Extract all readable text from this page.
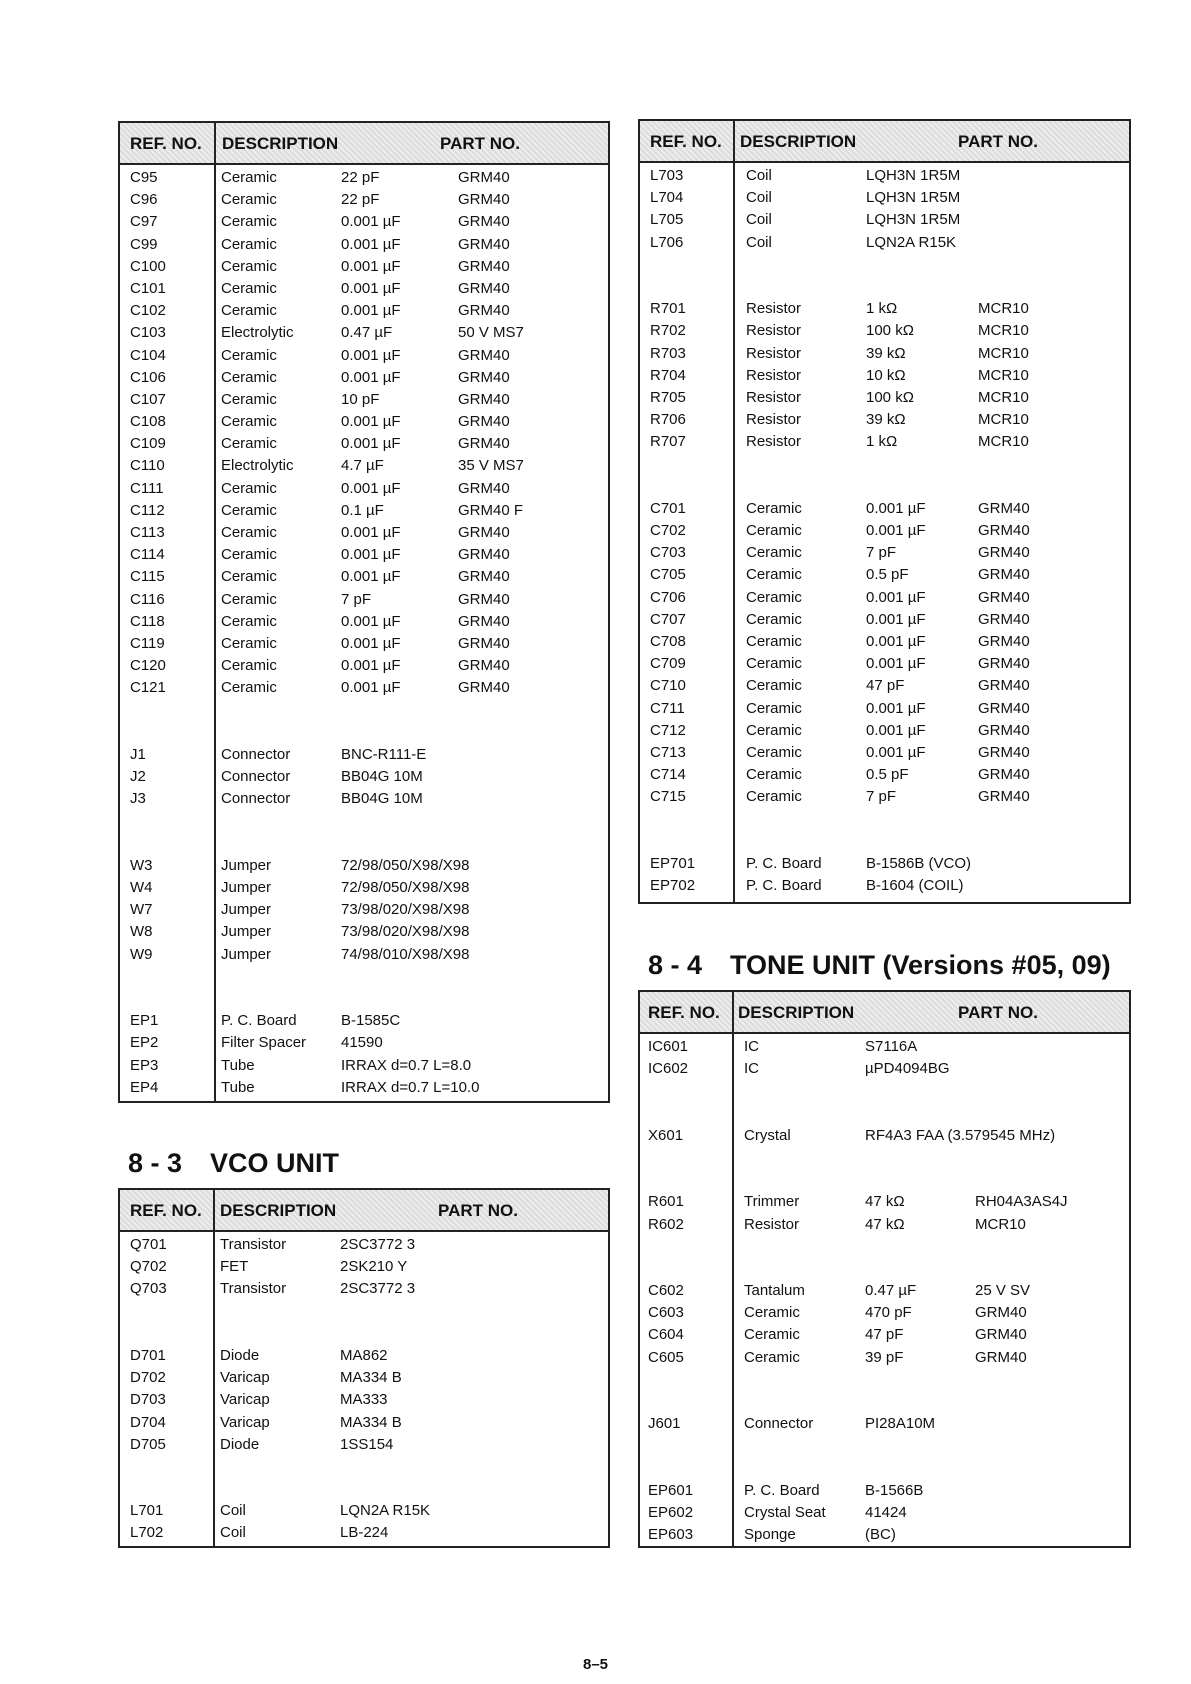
REF. NO. DESCRIPTION	PART NO.
C95	Ceramic	22 pF	GRM40
C96	Ceramic	22 pF	GRM40
C97	Ceramic	0.001 µF	GRM40
C99	Ceramic	0.001 µF	GRM40
C100	Ceramic	0.001 µF	GRM40
C101	Ceramic	0.001 µF	GRM40
C102	Ceramic	0.001 µF	GRM40
C103	Electrolytic	0.47 µF	50 V MS7
C104	Ceramic	0.001 µF	GRM40
C106	Ceramic	0.001 µF	GRM40
C107	Ceramic	10 pF	GRM40
C108	Ceramic	0.001 µF	GRM40
C109	Ceramic	0.001 µF	GRM40
C110	Electrolytic	4.7 µF	35 V MS7
C111	Ceramic	0.001 µF	GRM40
C112	Ceramic	0.1 µF	GRM40 F
C113	Ceramic	0.001 µF	GRM40
C114	Ceramic	0.001 µF	GRM40
C115	Ceramic	0.001 µF	GRM40
C116	Ceramic	7 pF	GRM40
C118	Ceramic	0.001 µF	GRM40
C119	Ceramic	0.001 µF	GRM40
C120	Ceramic	0.001 µF	GRM40
C121	Ceramic	0.001 µF	GRM40
J1	Connector	BNC-R111-E
J2	Connector	BB04G 10M
J3	Connector	BB04G 10M
W3	Jumper	72/98/050/X98/X98
W4	Jumper	72/98/050/X98/X98
W7	Jumper	73/98/020/X98/X98
W8	Jumper	73/98/020/X98/X98
W9	Jumper	74/98/010/X98/X98
EP1	P. C. Board	B-1585C
EP2	Filter Spacer 41590
EP3	Tube	IRRAX d=0.7 L=8.0
EP4	Tube	IRRAX d=0.7 L=10.0
8 - 3 VCO UNIT
REF. NO. DESCRIPTION	PART NO.
Q701	Transistor	2SC3772 3
Q702	FET	2SK210 Y
Q703	Transistor	2SC3772 3
D701	Diode	MA862
D702	Varicap	MA334 B
D703	Varicap	MA333
D704	Varicap	MA334 B
D705	Diode	1SS154
L701	Coil	LQN2A R15K
L702	Coil	LB-224
REF. NO. DESCRIPTION	PART NO.
L703	Coil	LQH3N 1R5M
L704	Coil	LQH3N 1R5M
L705	Coil	LQH3N 1R5M
L706	Coil	LQN2A R15K
R701	Resistor	1 kΩ	MCR10
R702	Resistor	100 kΩ	MCR10
R703	Resistor	39 kΩ	MCR10
R704	Resistor	10 kΩ	MCR10
R705	Resistor	100 kΩ	MCR10
R706	Resistor	39 kΩ	MCR10
R707	Resistor	1 kΩ	MCR10
C701	Ceramic	0.001 µF	GRM40
C702	Ceramic	0.001 µF	GRM40
C703	Ceramic	7 pF	GRM40
C705	Ceramic	0.5 pF	GRM40
C706	Ceramic	0.001 µF	GRM40
C707	Ceramic	0.001 µF	GRM40
C708	Ceramic	0.001 µF	GRM40
C709	Ceramic	0.001 µF	GRM40
C710	Ceramic	47 pF	GRM40
C711	Ceramic	0.001 µF	GRM40
C712	Ceramic	0.001 µF	GRM40
C713	Ceramic	0.001 µF	GRM40
C714	Ceramic	0.5 pF	GRM40
C715	Ceramic	7 pF	GRM40
EP701	P. C. Board	B-1586B (VCO)
EP702	P. C. Board	B-1604 (COIL)
8 - 4 TONE UNIT (Versions #05, 09)
REF. NO. DESCRIPTION	PART NO.
IC601	IC	S7116A
IC602	IC	µPD4094BG
X601	Crystal	RF4A3 FAA (3.579545 MHz)
R601	Trimmer	47 kΩ	RH04A3AS4J
R602	Resistor	47 kΩ	MCR10
C602	Tantalum	0.47 µF	25 V SV
C603	Ceramic	470 pF	GRM40
C604	Ceramic	47 pF	GRM40
C605	Ceramic	39 pF	GRM40
J601	Connector	PI28A10M
EP601	P. C. Board	B-1566B
EP602	Crystal Seat	41424
EP603	Sponge	(BC)
8–5
